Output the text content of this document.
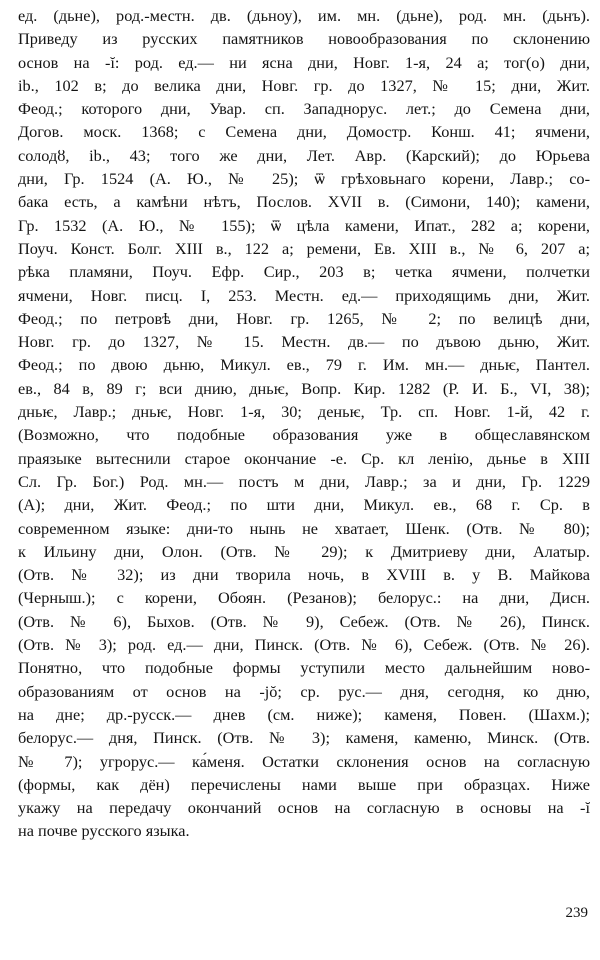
ед. (дьне), род.-местн. дв. (дьноу), им. мн. (дьне), род. мн. (дьнъ).
Приведу из русских памятников новообразования по склонению
основ на -ĭ: род. ед.— ни ясна дни, Новг. 1-я, 24 а; тог(о) дни,
ib., 102 в; до велика дни, Новг. гр. до 1327, № 15; дни, Жит.
Феод.; которого дни, Увар. сп. Западнорус. лет.; до Семена дни,
Догов. моск. 1368; с Семена дни, Домостр. Конш. 41; ячмени,
солодȣ, ib., 43; того же дни, Лет. Авр. (Карский); до Юрьева
дни, Гр. 1524 (А. Ю., № 25); ѿ грѣховьнаго корени, Лавр.; со-
бака есть, а камѣни нѣтъ, Послов. XVII в. (Симони, 140); камени,
Гр. 1532 (А. Ю., № 155); ѿ цѣла камени, Ипат., 282 а; корени,
Поуч. Конст. Болг. XIII в., 122 а; ремени, Ев. XIII в., № 6, 207 а;
рѣка пламяни, Поуч. Ефр. Сир., 203 в; четка ячмени, полчетки
ячмени, Новг. писц. I, 253. Местн. ед.— приходящимь дни, Жит.
Феод.; по петровѣ дни, Новг. гр. 1265, № 2; по велицѣ дни,
Новг. гр. до 1327, № 15. Местн. дв.— по дъвою дьню, Жит.
Феод.; по двою дьню, Микул. ев., 79 г. Им. мн.— дньѥ, Пантел.
ев., 84 в, 89 г; вси днию, дньѥ, Вопр. Кир. 1282 (Р. И. Б., VI, 38);
дньѥ, Лавр.; дньѥ, Новг. 1-я, 30; деньѥ, Тр. сп. Новг. 1-й, 42 г.
(Возможно, что подобные образования уже в общеславянском
праязыке вытеснили старое окончание -е. Ср. кл ленiю, дьнье в XIII
Сл. Гр. Бог.) Род. мн.— постъ м дни, Лавр.; за и дни, Гр. 1229
(А); дни, Жит. Феод.; по шти дни, Микул. ев., 68 г. Ср. в
современном языке: дни-то нынь не хватает, Шенк. (Отв. № 80);
к Ильину дни, Олон. (Отв. № 29); к Дмитриеву дни, Алатыр.
(Отв. № 32); из дни творила ночь, в XVIII в. у В. Майкова
(Черныш.); с корени, Обоян. (Резанов); белорус.: на дни, Дисн.
(Отв. № 6), Быхов. (Отв. № 9), Себеж. (Отв. № 26), Пинск.
(Отв. № 3); род. ед.— дни, Пинск. (Отв. № 6), Себеж. (Отв. № 26).
Понятно, что подобные формы уступили место дальнейшим ново-
образованиям от основ на -jŏ; ср. рус.— дня, сегодня, ко дню,
на дне; др.-русск.— днев (см. ниже); каменя, Повен. (Шахм.);
белорус.— дня, Пинск. (Отв. № 3); каменя, каменю, Минск. (Отв.
№ 7); угрорус.— ка́меня. Остатки склонения основ на согласную
(формы, как дён) перечислены нами выше при образцах. Ниже
укажу на передачу окончаний основ на согласную в основы на -ĭ
на почве русского языка.
239
